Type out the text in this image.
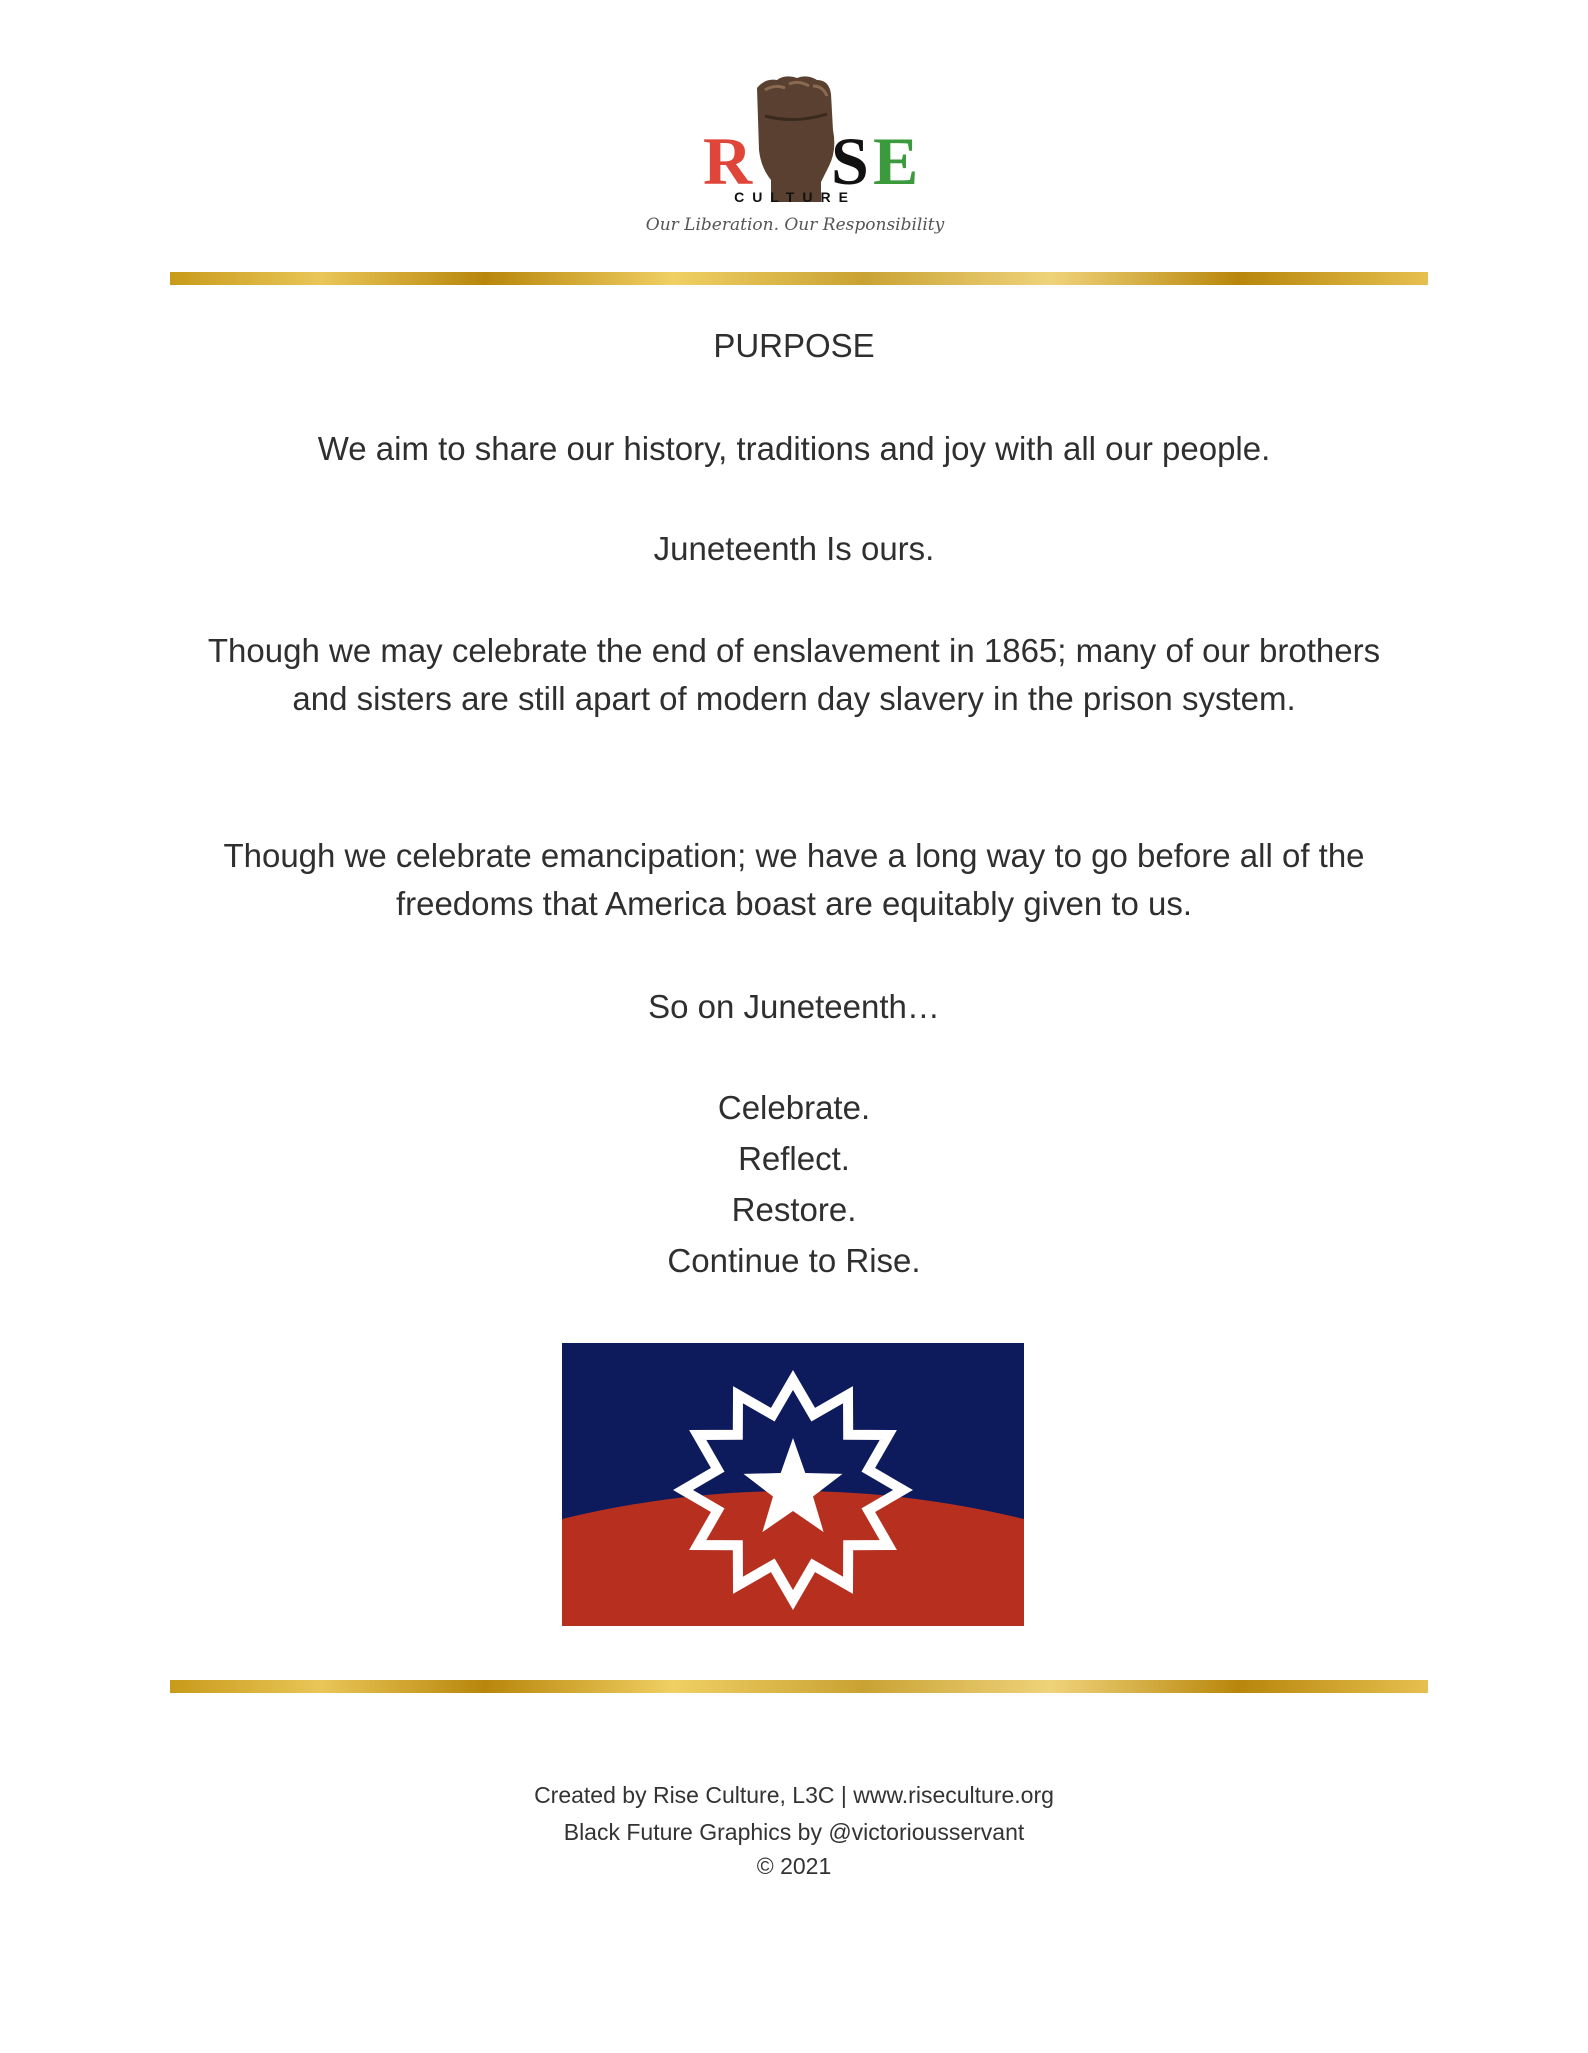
R S E
CULTURE
Our Liberation. Our Responsibility

PURPOSE

We aim to share our history, traditions and joy with all our people.

Juneteenth Is ours.

Though we may celebrate the end of enslavement in 1865; many of our brothers and sisters are still apart of modern day slavery in the prison system.

Though we celebrate emancipation; we have a long way to go before all of the freedoms that America boast are equitably given to us.

So on Juneteenth…

Celebrate.
Reflect.
Restore.
Continue to Rise.

Created by Rise Culture, L3C | www.riseculture.org

Black Future Graphics by @victoriousservant

© 2021
